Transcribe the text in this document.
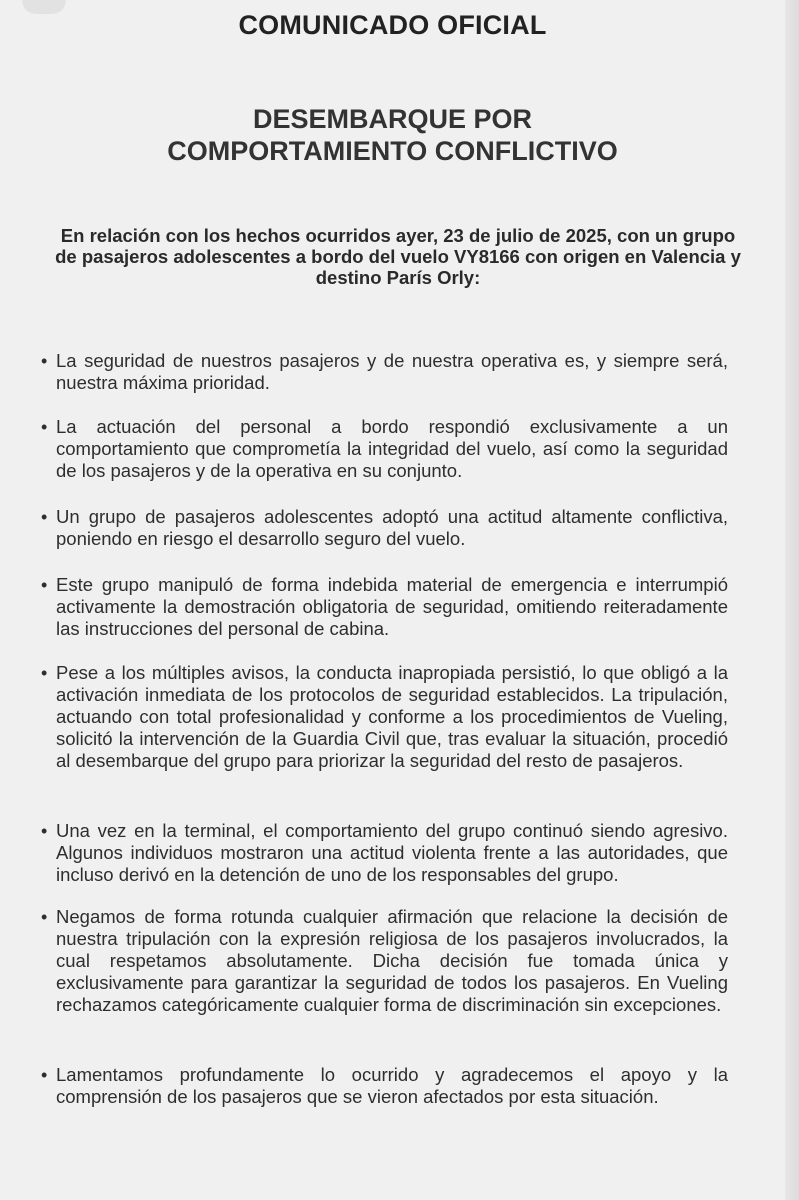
COMUNICADO OFICIAL
DESEMBARQUE POR
COMPORTAMIENTO CONFLICTIVO

En relación con los hechos ocurridos ayer, 23 de julio de 2025, con un grupo de pasajeros adolescentes a bordo del vuelo VY8166 con origen en Valencia y destino París Orly:

• La seguridad de nuestros pasajeros y de nuestra operativa es, y siempre será, nuestra máxima prioridad.
• La actuación del personal a bordo respondió exclusivamente a un comportamiento que comprometía la integridad del vuelo, así como la seguridad de los pasajeros y de la operativa en su conjunto.
• Un grupo de pasajeros adolescentes adoptó una actitud altamente conflictiva, poniendo en riesgo el desarrollo seguro del vuelo.
• Este grupo manipuló de forma indebida material de emergencia e interrumpió activamente la demostración obligatoria de seguridad, omitiendo reiteradamente las instrucciones del personal de cabina.
• Pese a los múltiples avisos, la conducta inapropiada persistió, lo que obligó a la activación inmediata de los protocolos de seguridad establecidos. La tripulación, actuando con total profesionalidad y conforme a los procedimientos de Vueling, solicitó la intervención de la Guardia Civil que, tras evaluar la situación, procedió al desembarque del grupo para priorizar la seguridad del resto de pasajeros.
• Una vez en la terminal, el comportamiento del grupo continuó siendo agresivo. Algunos individuos mostraron una actitud violenta frente a las autoridades, que incluso derivó en la detención de uno de los responsables del grupo.
• Negamos de forma rotunda cualquier afirmación que relacione la decisión de nuestra tripulación con la expresión religiosa de los pasajeros involucrados, la cual respetamos absolutamente. Dicha decisión fue tomada única y exclusivamente para garantizar la seguridad de todos los pasajeros. En Vueling rechazamos categóricamente cualquier forma de discriminación sin excepciones.
• Lamentamos profundamente lo ocurrido y agradecemos el apoyo y la comprensión de los pasajeros que se vieron afectados por esta situación.
